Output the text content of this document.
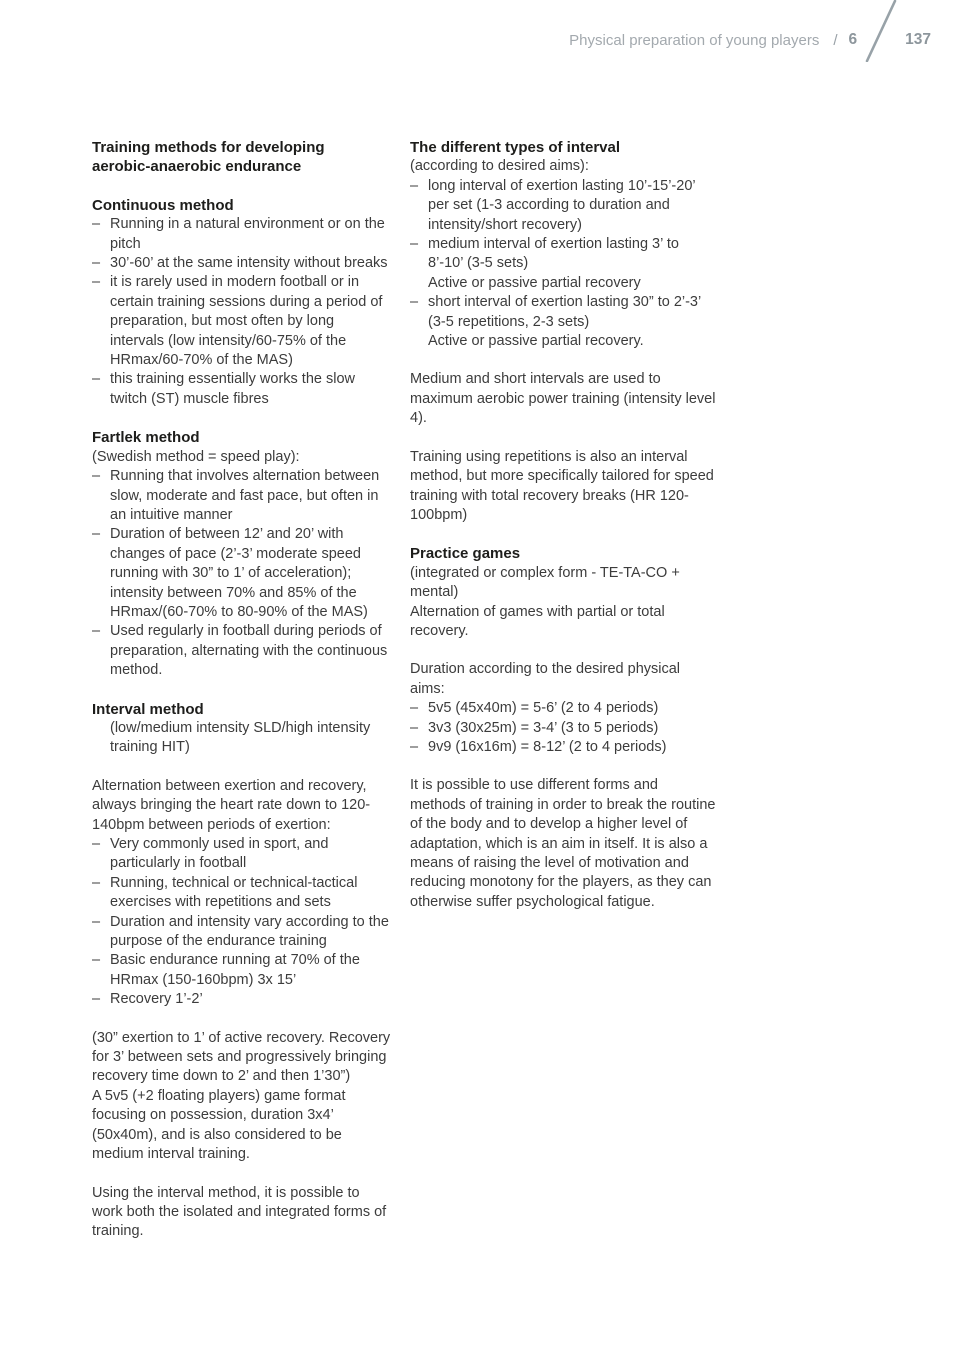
Physical preparation of young players / 6	137
Training methods for developing
aerobic-anaerobic endurance
Continuous method
– Running in a natural environment or on the pitch
– 30’-60’ at the same intensity without breaks
– it is rarely used in modern football or in certain training sessions during a period of preparation, but most often by long intervals (low intensity/60-75% of the HRmax/60-70% of the MAS)
– this training essentially works the slow twitch (ST) muscle fibres
Fartlek method
(Swedish method = speed play):
– Running that involves alternation between slow, moderate and fast pace, but often in an intuitive manner
– Duration of between 12’ and 20’ with changes of pace (2’-3’ moderate speed running with 30” to 1’ of acceleration); intensity between 70% and 85% of the HRmax/(60-70% to 80-90% of the MAS)
– Used regularly in football during periods of preparation, alternating with the continuous method.
Interval method
(low/medium intensity SLD/high intensity training HIT)
Alternation between exertion and recovery, always bringing the heart rate down to 120-140bpm between periods of exertion:
– Very commonly used in sport, and particularly in football
– Running, technical or technical-tactical exercises with repetitions and sets
– Duration and intensity vary according to the purpose of the endurance training
– Basic endurance running at 70% of the HRmax (150-160bpm) 3x 15’
– Recovery 1’-2’
(30” exertion to 1’ of active recovery. Recovery for 3’ between sets and progressively bringing recovery time down to 2’ and then 1’30”)
A 5v5 (+2 floating players) game format focusing on possession, duration 3x4’ (50x40m), and is also considered to be medium interval training.
Using the interval method, it is possible to work both the isolated and integrated forms of training.
The different types of interval
(according to desired aims):
– long interval of exertion lasting 10’-15’-20’ per set (1-3 according to duration and intensity/short recovery)
– medium interval of exertion lasting 3’ to 8’-10’ (3-5 sets)
Active or passive partial recovery
– short interval of exertion lasting 30” to 2’-3’ (3-5 repetitions, 2-3 sets)
Active or passive partial recovery.
Medium and short intervals are used to maximum aerobic power training (intensity level 4).
Training using repetitions is also an interval method, but more specifically tailored for speed training with total recovery breaks (HR 120-100bpm)
Practice games
(integrated or complex form - TE-TA-CO + mental)
Alternation of games with partial or total recovery.
Duration according to the desired physical aims:
– 5v5 (45x40m) = 5-6’ (2 to 4 periods)
– 3v3 (30x25m) = 3-4’ (3 to 5 periods)
– 9v9 (16x16m) = 8-12’ (2 to 4 periods)
It is possible to use different forms and methods of training in order to break the routine of the body and to develop a higher level of adaptation, which is an aim in itself. It is also a means of raising the level of motivation and reducing monotony for the players, as they can otherwise suffer psychological fatigue.
